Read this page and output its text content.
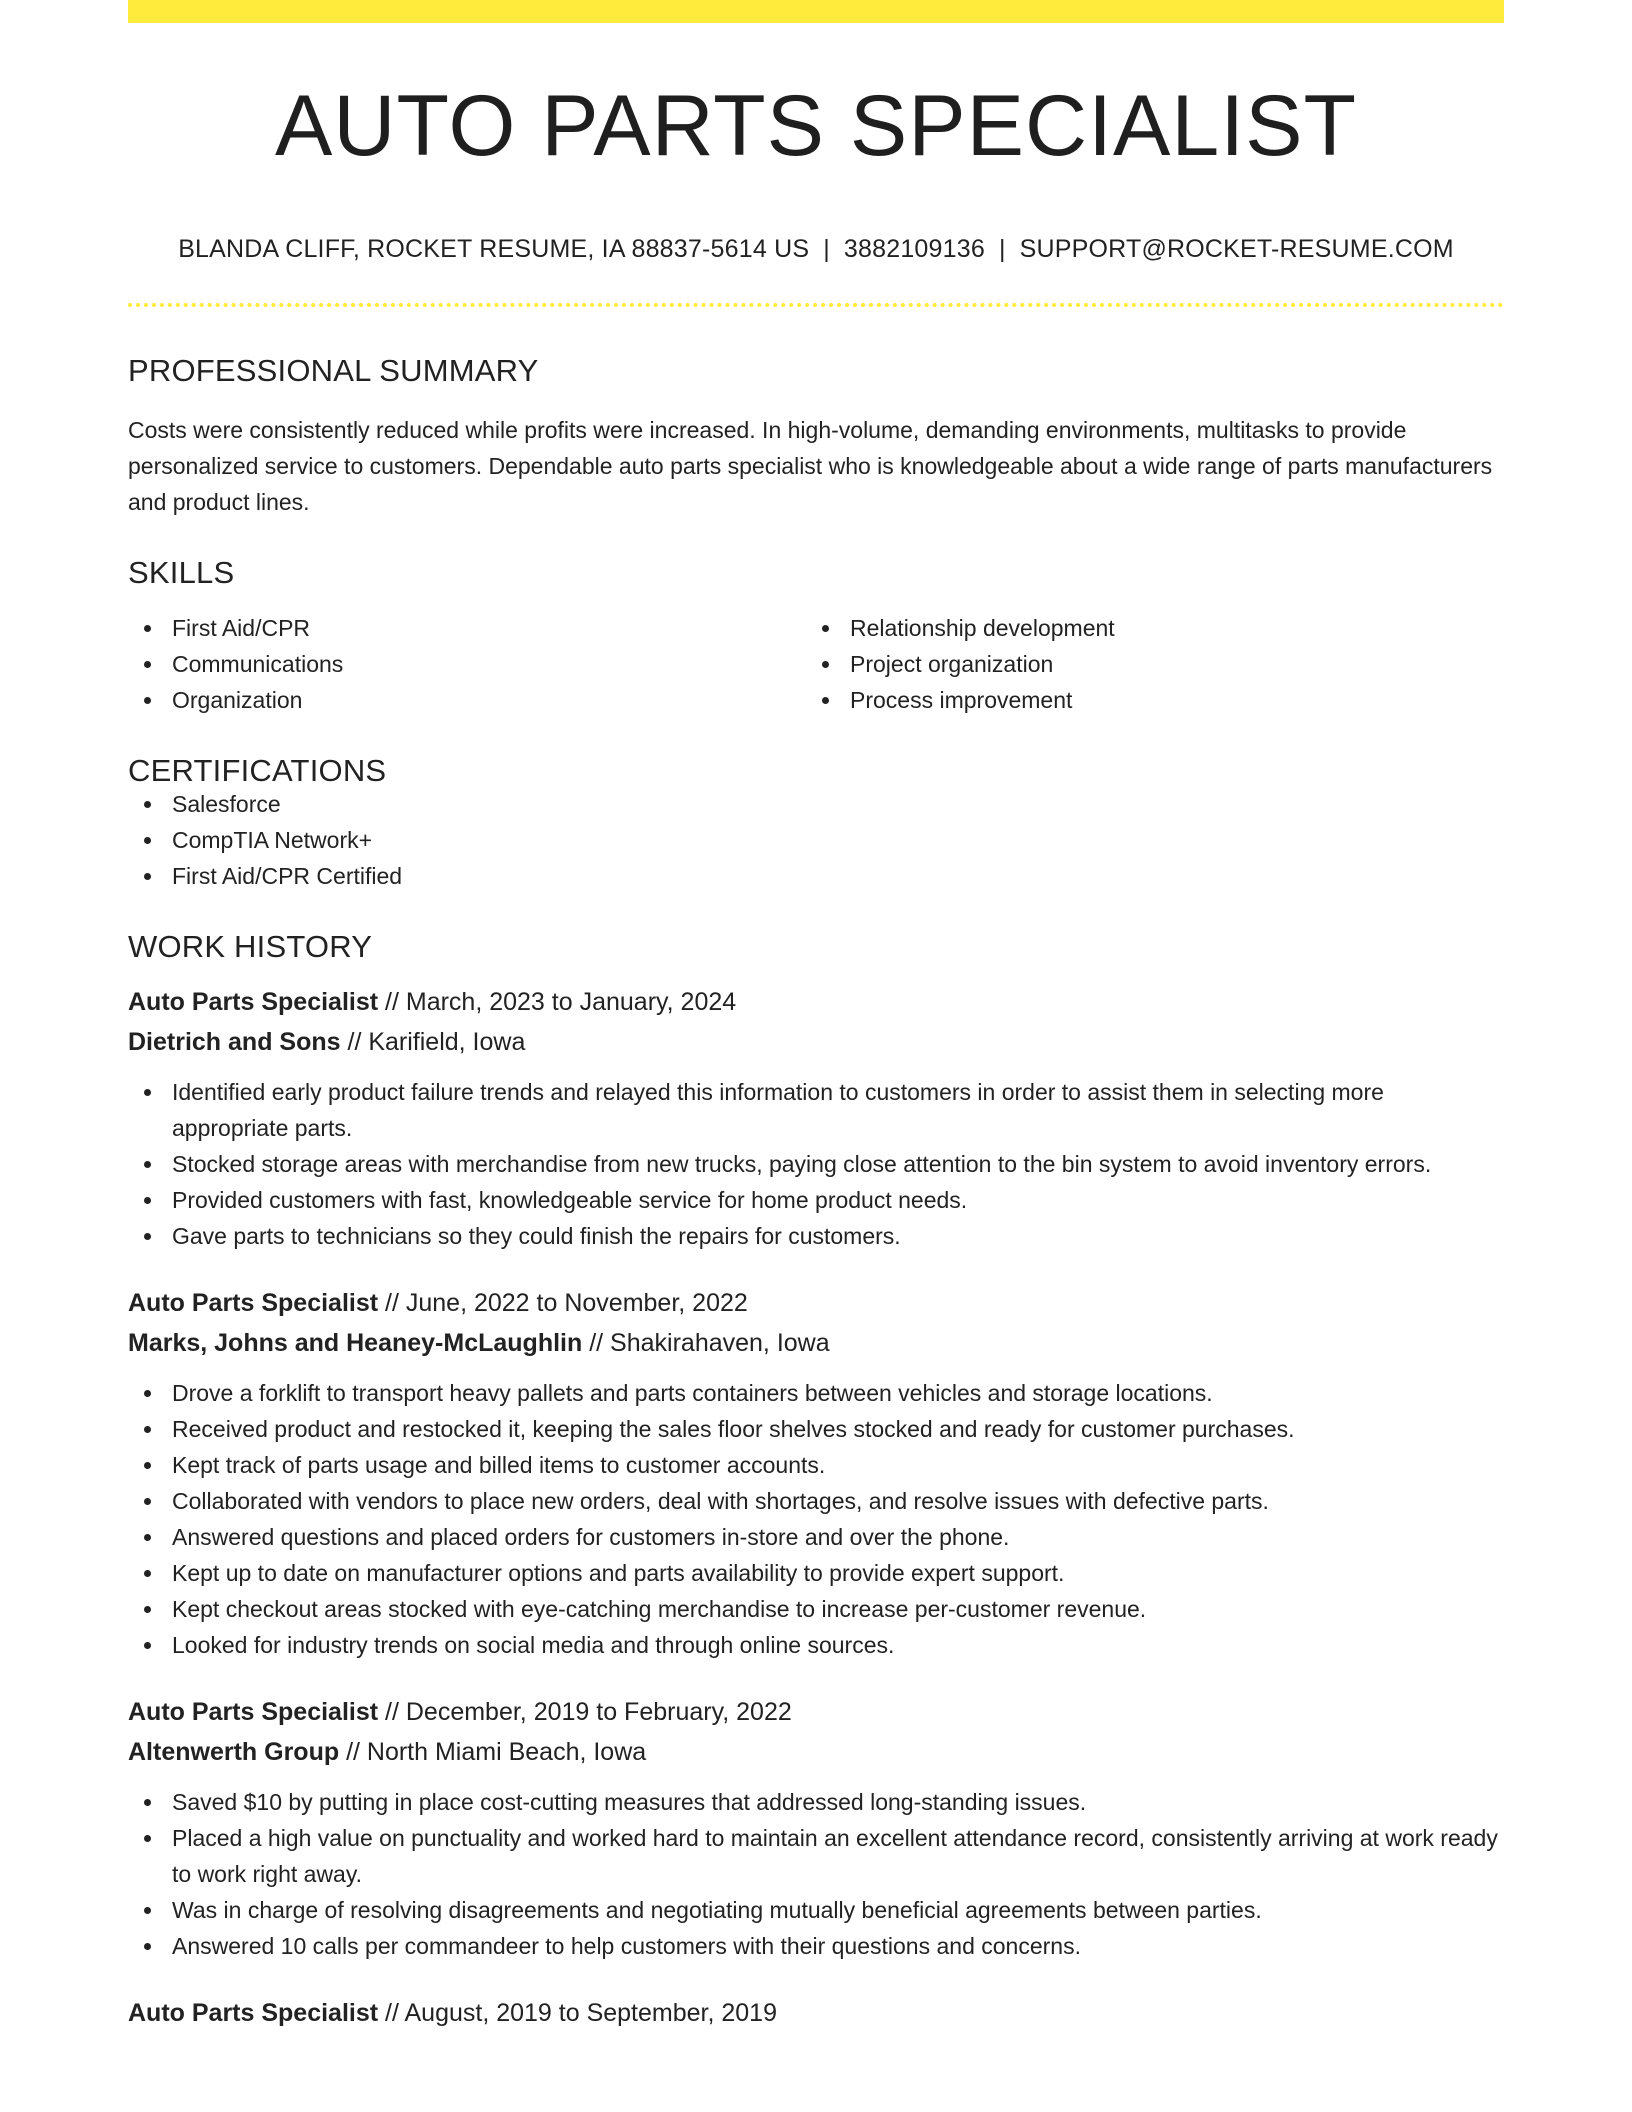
AUTO PARTS SPECIALIST
BLANDA CLIFF, ROCKET RESUME, IA 88837-5614 US | 3882109136 | SUPPORT@ROCKET-RESUME.COM
PROFESSIONAL SUMMARY
Costs were consistently reduced while profits were increased. In high-volume, demanding environments, multitasks to provide personalized service to customers. Dependable auto parts specialist who is knowledgeable about a wide range of parts manufacturers and product lines.
SKILLS
First Aid/CPR
Communications
Organization
Relationship development
Project organization
Process improvement
CERTIFICATIONS
Salesforce
CompTIA Network+
First Aid/CPR Certified
WORK HISTORY
Auto Parts Specialist // March, 2023 to January, 2024
Dietrich and Sons // Karifield, Iowa
Identified early product failure trends and relayed this information to customers in order to assist them in selecting more appropriate parts.
Stocked storage areas with merchandise from new trucks, paying close attention to the bin system to avoid inventory errors.
Provided customers with fast, knowledgeable service for home product needs.
Gave parts to technicians so they could finish the repairs for customers.
Auto Parts Specialist // June, 2022 to November, 2022
Marks, Johns and Heaney-McLaughlin // Shakirahaven, Iowa
Drove a forklift to transport heavy pallets and parts containers between vehicles and storage locations.
Received product and restocked it, keeping the sales floor shelves stocked and ready for customer purchases.
Kept track of parts usage and billed items to customer accounts.
Collaborated with vendors to place new orders, deal with shortages, and resolve issues with defective parts.
Answered questions and placed orders for customers in-store and over the phone.
Kept up to date on manufacturer options and parts availability to provide expert support.
Kept checkout areas stocked with eye-catching merchandise to increase per-customer revenue.
Looked for industry trends on social media and through online sources.
Auto Parts Specialist // December, 2019 to February, 2022
Altenwerth Group // North Miami Beach, Iowa
Saved $10 by putting in place cost-cutting measures that addressed long-standing issues.
Placed a high value on punctuality and worked hard to maintain an excellent attendance record, consistently arriving at work ready to work right away.
Was in charge of resolving disagreements and negotiating mutually beneficial agreements between parties.
Answered 10 calls per commandeer to help customers with their questions and concerns.
Auto Parts Specialist // August, 2019 to September, 2019
